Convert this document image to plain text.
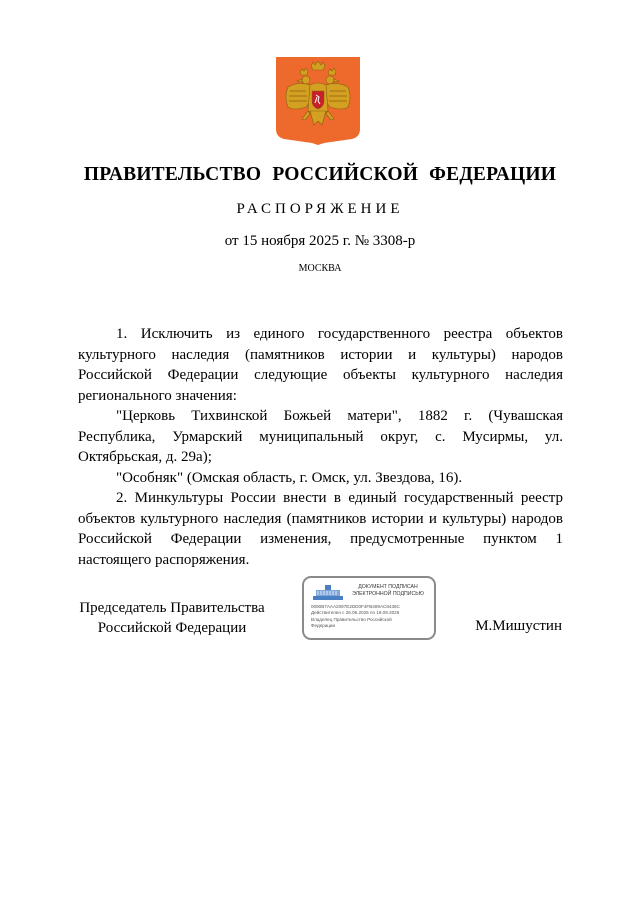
ПРАВИТЕЛЬСТВО РОССИЙСКОЙ ФЕДЕРАЦИИ
РАСПОРЯЖЕНИЕ
от 15 ноября 2025 г. № 3308-р
МОСКВА

1. Исключить из единого государственного реестра объектов культурного наследия (памятников истории и культуры) народов Российской Федерации следующие объекты культурного наследия регионального значения:

"Церковь Тихвинской Божьей матери", 1882 г. (Чувашская Республика, Урмарский муниципальный округ, с. Мусирмы, ул. Октябрьская, д. 29а);

"Особняк" (Омская область, г. Омск, ул. Звездова, 16).

2. Минкультуры России внести в единый государственный реестр объектов культурного наследия (памятников истории и культуры) народов Российской Федерации изменения, предусмотренные пунктом 1 настоящего распоряжения.

Председатель Правительства
Российской Федерации
ДОКУМЕНТ ПОДПИСАН
ЭЛЕКТРОННОЙ ПОДПИСЬЮ
0080B7AAA2097E2DD0F4FB489AC8436C
Действителен с 26.06.2025 по 19.09.2026
Владелец Правительство Российской
Федерации	М.Мишустин
